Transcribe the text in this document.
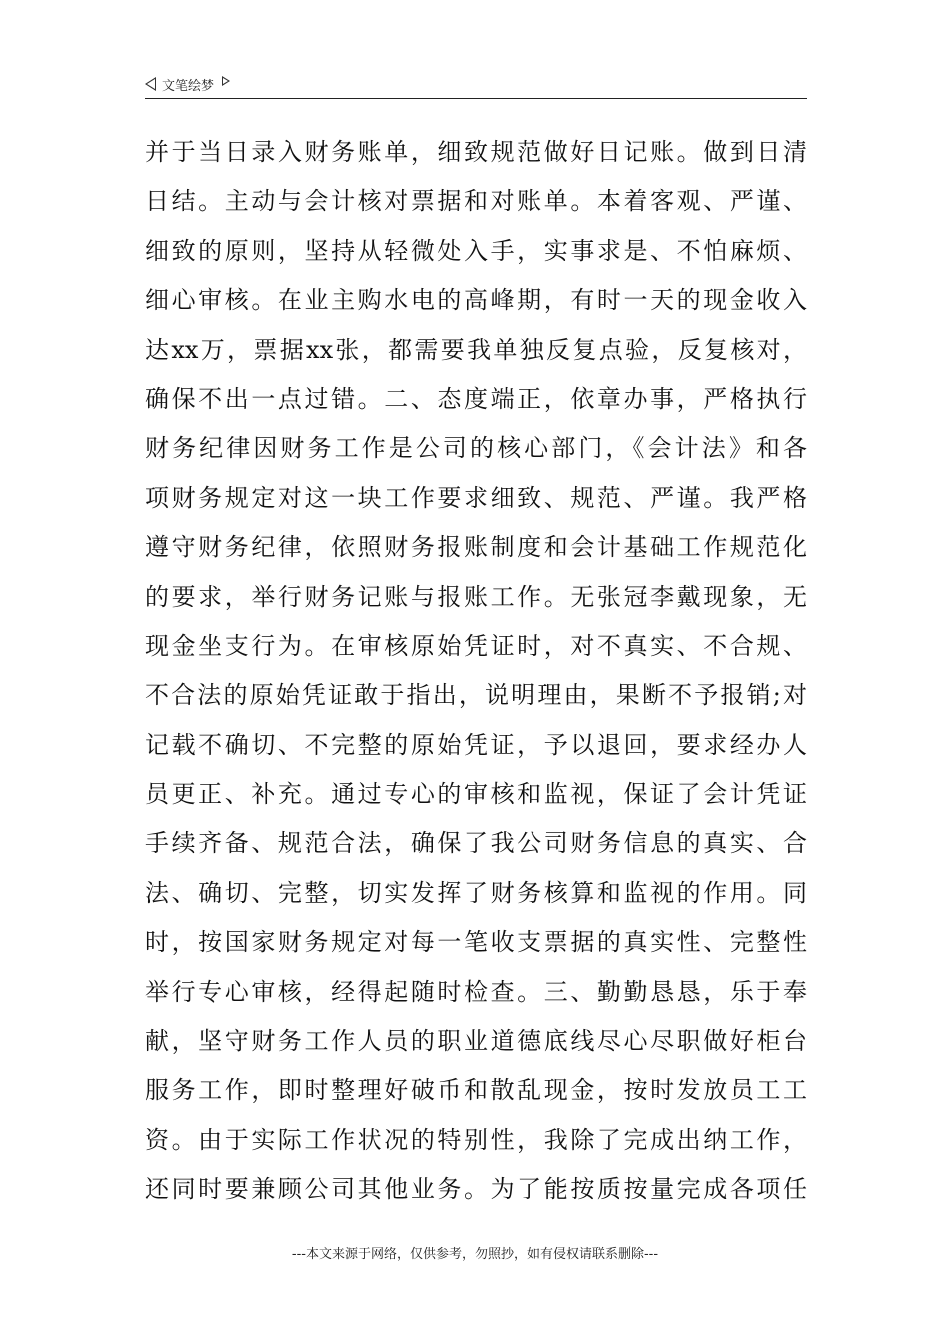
文笔绘梦
并于当日录入财务账单，细致规范做好日记账。做到日清
日结。主动与会计核对票据和对账单。本着客观、严谨、
细致的原则，坚持从轻微处入手，实事求是、不怕麻烦、
细心审核。在业主购水电的高峰期，有时一天的现金收入
达xx万，票据xx张，都需要我单独反复点验，反复核对，
确保不出一点过错。二、态度端正，依章办事，严格执行
财务纪律因财务工作是公司的核心部门，《会计法》和各
项财务规定对这一块工作要求细致、规范、严谨。我严格
遵守财务纪律，依照财务报账制度和会计基础工作规范化
的要求，举行财务记账与报账工作。无张冠李戴现象，无
现金坐支行为。在审核原始凭证时，对不真实、不合规、
不合法的原始凭证敢于指出，说明理由，果断不予报销;对
记载不确切、不完整的原始凭证，予以退回，要求经办人
员更正、补充。通过专心的审核和监视，保证了会计凭证
手续齐备、规范合法，确保了我公司财务信息的真实、合
法、确切、完整，切实发挥了财务核算和监视的作用。同
时，按国家财务规定对每一笔收支票据的真实性、完整性
举行专心审核，经得起随时检查。三、勤勤恳恳，乐于奉
献，坚守财务工作人员的职业道德底线尽心尽职做好柜台
服务工作，即时整理好破币和散乱现金，按时发放员工工
资。由于实际工作状况的特别性，我除了完成出纳工作，
还同时要兼顾公司其他业务。为了能按质按量完成各项任
---本文来源于网络，仅供参考，勿照抄，如有侵权请联系删除---
